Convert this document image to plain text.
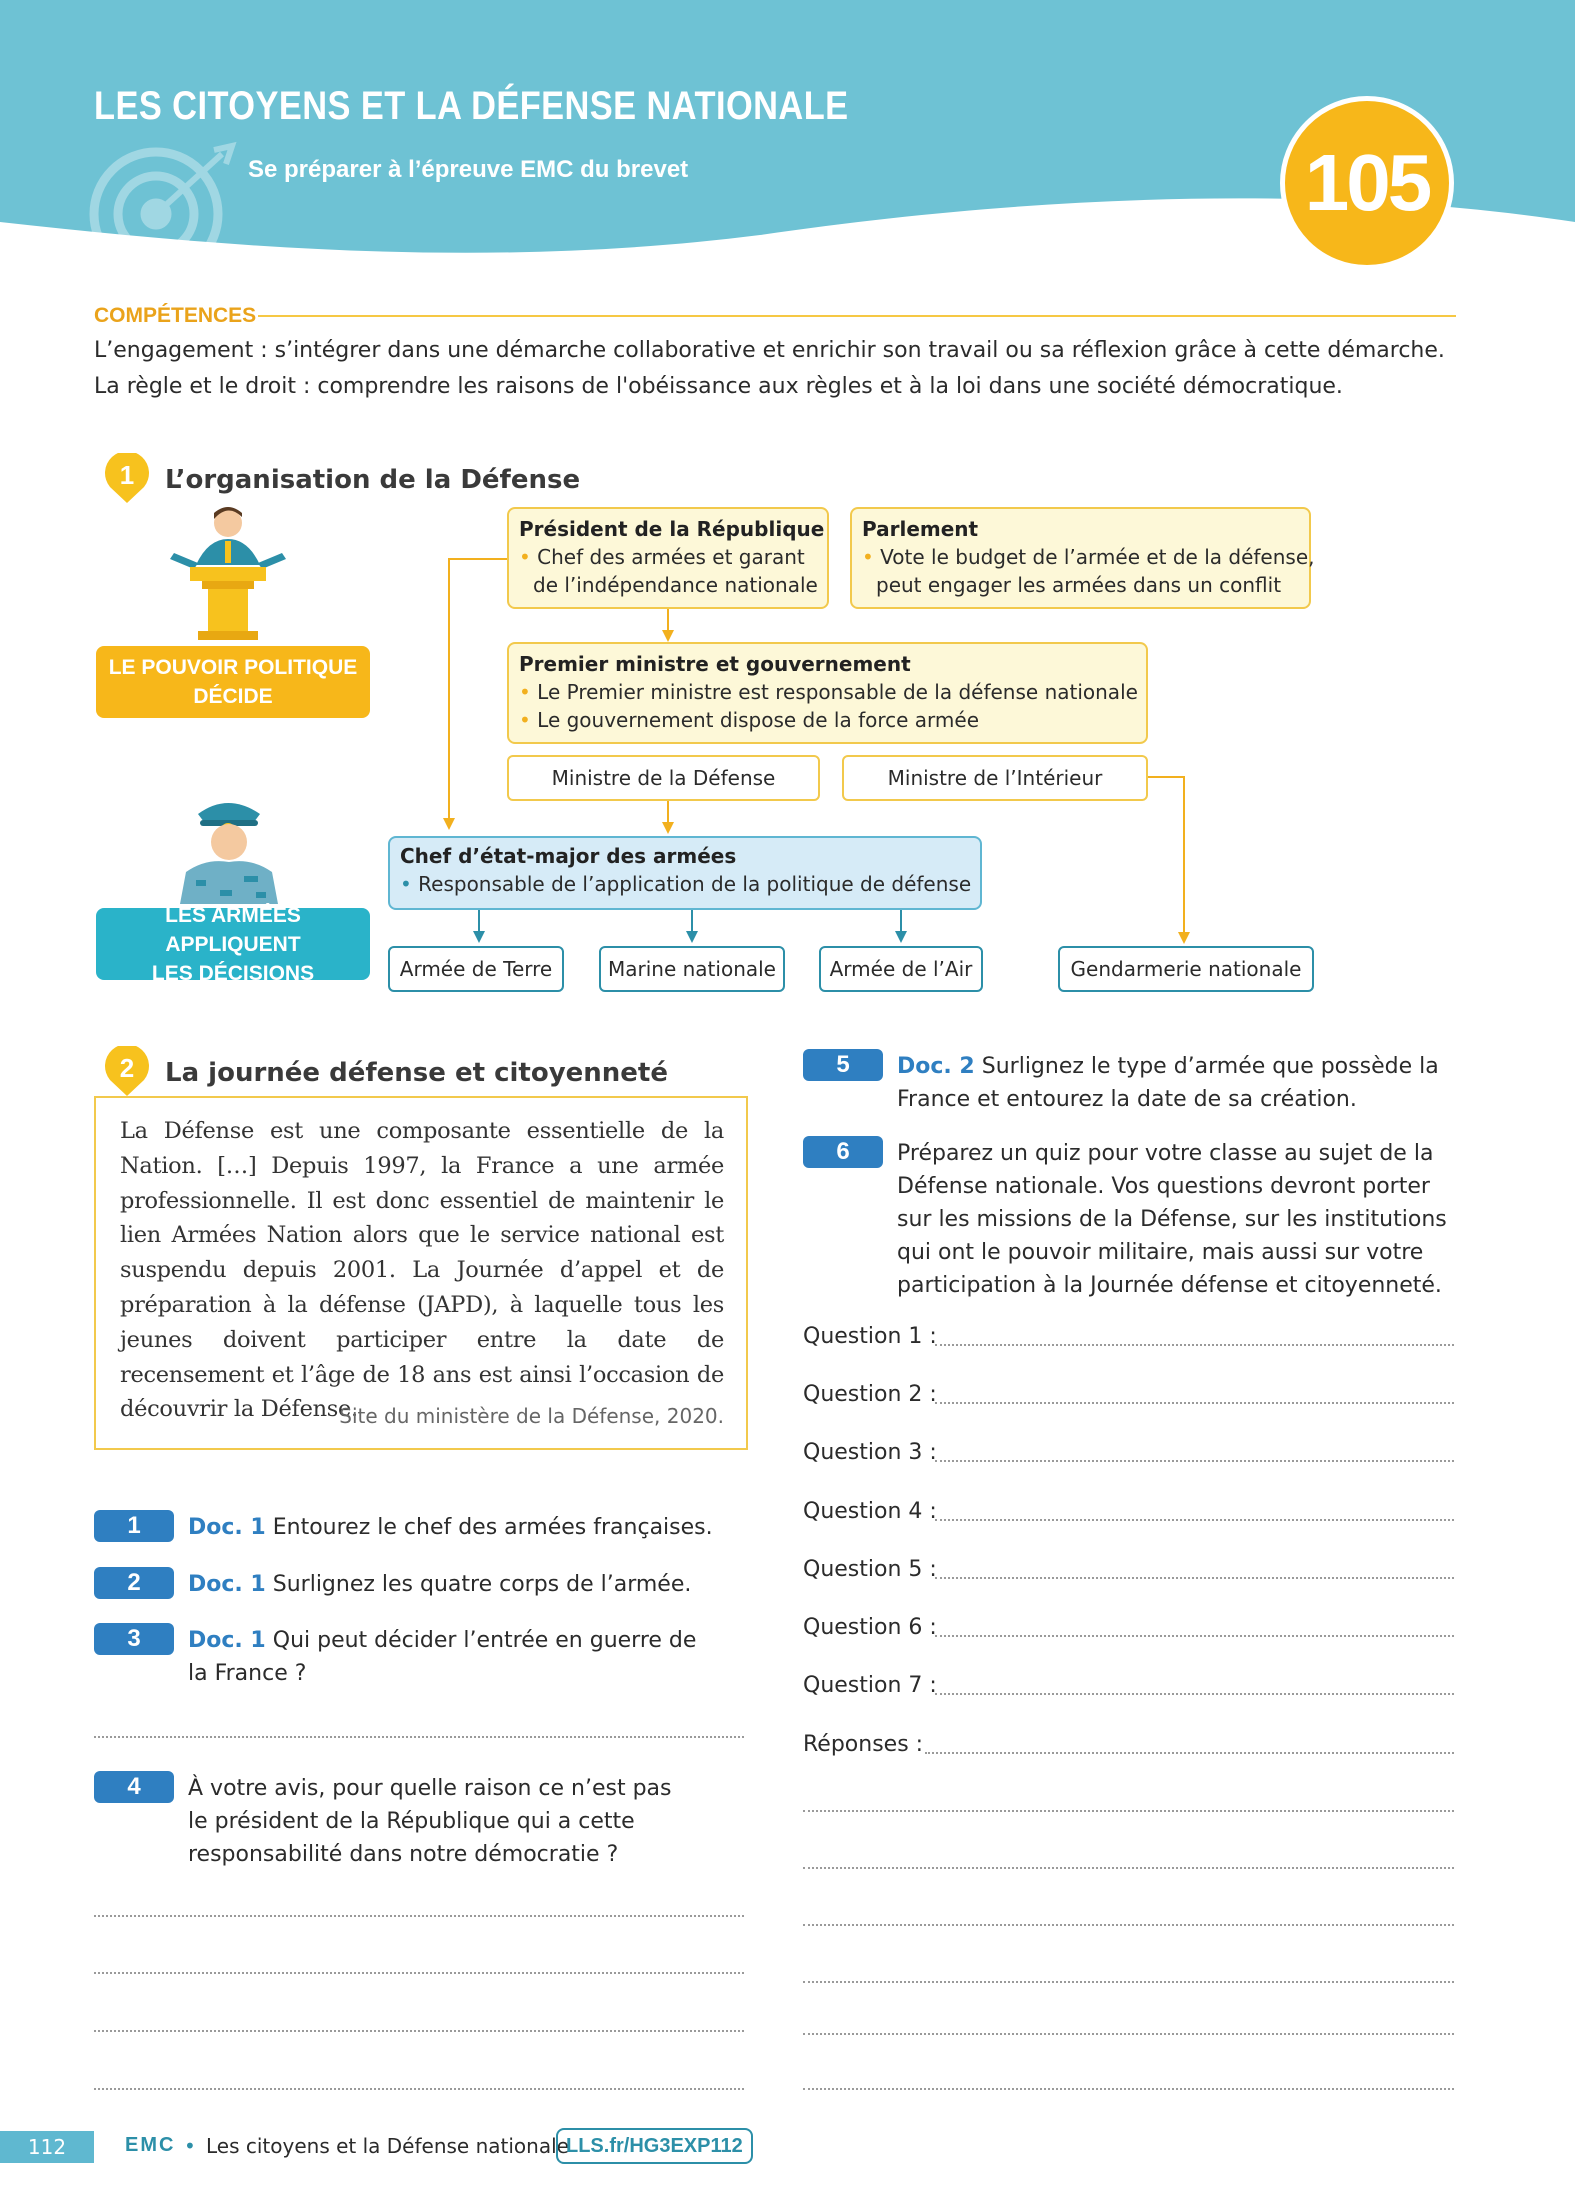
LES CITOYENS ET LA DÉFENSE NATIONALE
Se préparer à l’épreuve EMC du brevet	105
COMPÉTENCES
L’engagement : s’intégrer dans une démarche collaborative et enrichir son travail ou sa réflexion grâce à cette démarche.
La règle et le droit : comprendre les raisons de l'obéissance aux règles et à la loi dans une société démocratique.
1 L’organisation de la Défense
LE POUVOIR POLITIQUE
DÉCIDE
LES ARMÉES APPLIQUENT
LES DÉCISIONS
Président de la République
• Chef des armées et garant
de l’indépendance nationale
Parlement
• Vote le budget de l’armée et de la défense,
peut engager les armées dans un conflit
Premier ministre et gouvernement
• Le Premier ministre est responsable de la défense nationale
• Le gouvernement dispose de la force armée
Ministre de la Défense	Ministre de l’Intérieur
Chef d’état-major des armées
• Responsable de l’application de la politique de défense
Armée de Terre	Marine nationale	Armée de l’Air	Gendarmerie nationale
2 La journée défense et citoyenneté
La Défense est une composante essentielle de la Nation. […] Depuis 1997, la France a une armée professionnelle. Il est donc essentiel de maintenir le lien Armées Nation alors que le service national est suspendu depuis 2001. La Journée d’appel et de préparation à la défense (JAPD), à laquelle tous les jeunes doivent participer entre la date de recensement et l’âge de 18 ans est ainsi l’occasion de découvrir la Défense.
Site du ministère de la Défense, 2020.
1	Doc. 1 Entourez le chef des armées françaises.
2	Doc. 1 Surlignez les quatre corps de l’armée.
3	Doc. 1 Qui peut décider l’entrée en guerre de la France ?
4	À votre avis, pour quelle raison ce n’est pas le président de la République qui a cette responsabilité dans notre démocratie ?
5	Doc. 2 Surlignez le type d’armée que possède la France et entourez la date de sa création.
6	Préparez un quiz pour votre classe au sujet de la Défense nationale. Vos questions devront porter sur les missions de la Défense, sur les institutions qui ont le pouvoir militaire, mais aussi sur votre participation à la Journée défense et citoyenneté.
Question 1 :
Question 2 :
Question 3 :
Question 4 :
Question 5 :
Question 6 :
Question 7 :
Réponses :
112	EMC • Les citoyens et la Défense nationale
LLS.fr/HG3EXP112
